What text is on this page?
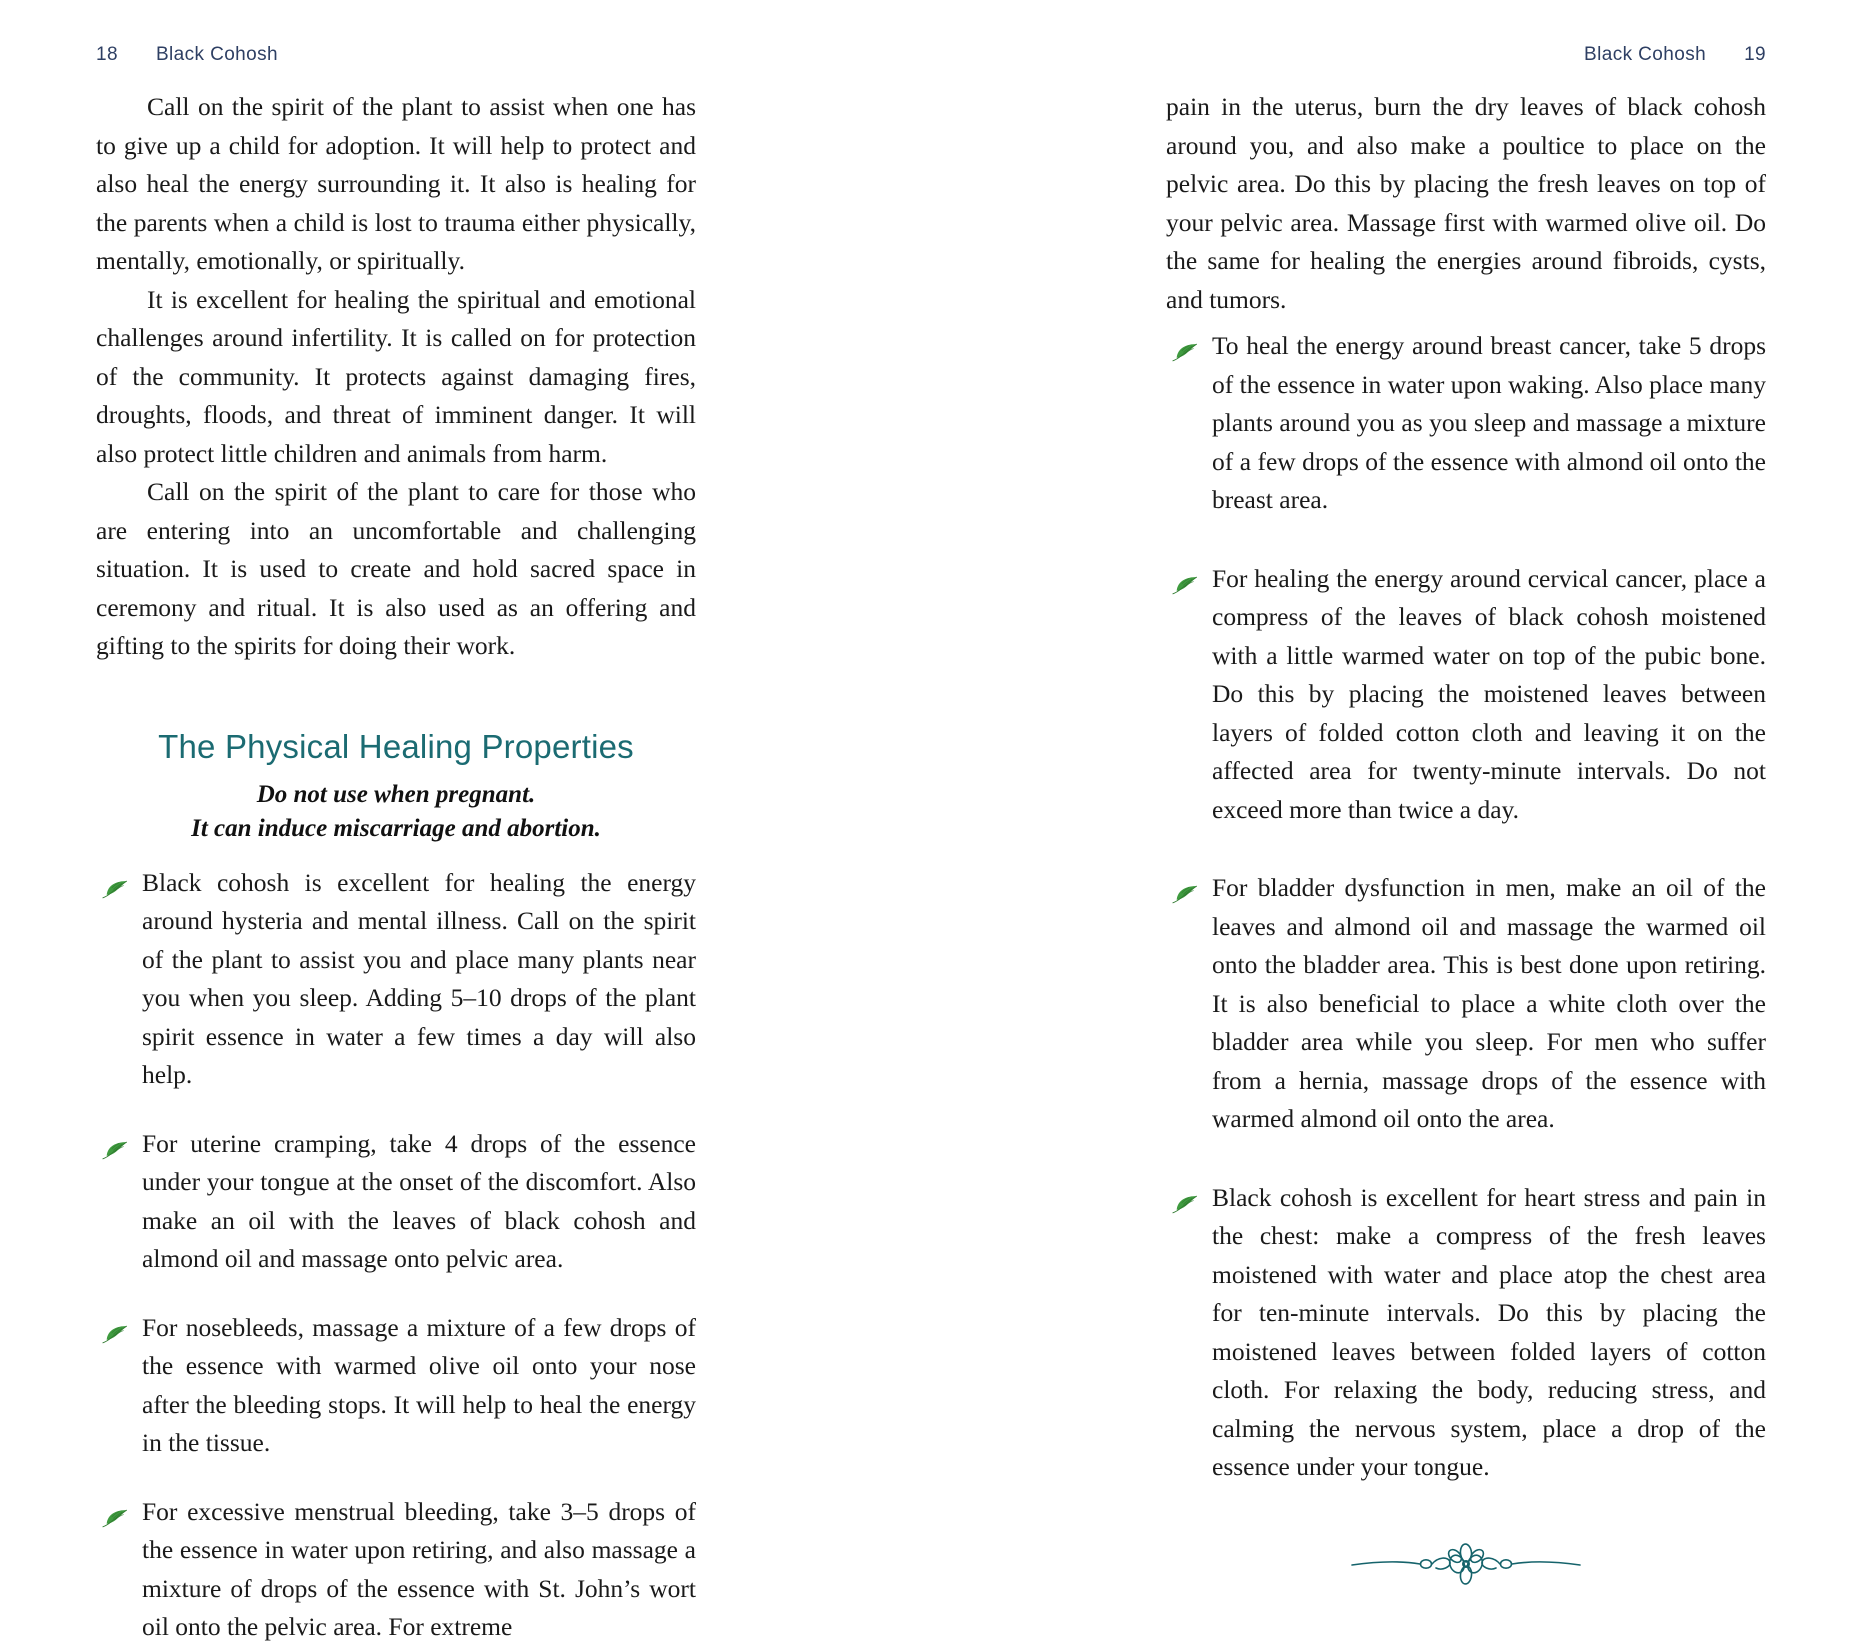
18 Black Cohosh	Black Cohosh 19

Call on the spirit of the plant to assist when one has to give up a child for adoption. It will help to protect and also heal the energy surrounding it. It also is healing for the parents when a child is lost to trauma either physically, mentally, emotionally, or spiritually.

It is excellent for healing the spiritual and emotional challenges around infertility. It is called on for protection of the community. It protects against damaging fires, droughts, floods, and threat of imminent danger. It will also protect little children and animals from harm.

Call on the spirit of the plant to care for those who are entering into an uncomfortable and challenging situation. It is used to create and hold sacred space in ceremony and ritual. It is also used as an offering and gifting to the spirits for doing their work.

The Physical Healing Properties

Do not use when pregnant.

It can induce miscarriage and abortion.

Black cohosh is excellent for healing the energy around hysteria and mental illness. Call on the spirit of the plant to assist you and place many plants near you when you sleep. Adding 5–10 drops of the plant spirit essence in water a few times a day will also help.
For uterine cramping, take 4 drops of the essence under your tongue at the onset of the discomfort. Also make an oil with the leaves of black cohosh and almond oil and massage onto pelvic area.
For nosebleeds, massage a mixture of a few drops of the essence with warmed olive oil onto your nose after the bleeding stops. It will help to heal the energy in the tissue.
For excessive menstrual bleeding, take 3–5 drops of the essence in water upon retiring, and also massage a mixture of drops of the essence with St. John’s wort oil onto the pelvic area. For extreme

pain in the uterus, burn the dry leaves of black cohosh around you, and also make a poultice to place on the pelvic area. Do this by placing the fresh leaves on top of your pelvic area. Massage first with warmed olive oil. Do the same for healing the energies around fibroids, cysts, and tumors.

To heal the energy around breast cancer, take 5 drops of the essence in water upon waking. Also place many plants around you as you sleep and massage a mixture of a few drops of the essence with almond oil onto the breast area.
For healing the energy around cervical cancer, place a compress of the leaves of black cohosh moistened with a little warmed water on top of the pubic bone. Do this by placing the moistened leaves between layers of folded cotton cloth and leaving it on the affected area for twenty-minute intervals. Do not exceed more than twice a day.
For bladder dysfunction in men, make an oil of the leaves and almond oil and massage the warmed oil onto the bladder area. This is best done upon retiring. It is also beneficial to place a white cloth over the bladder area while you sleep. For men who suffer from a hernia, massage drops of the essence with warmed almond oil onto the area.
Black cohosh is excellent for heart stress and pain in the chest: make a compress of the fresh leaves moistened with water and place atop the chest area for ten-minute intervals. Do this by placing the moistened leaves between folded layers of cotton cloth. For relaxing the body, reducing stress, and calming the nervous system, place a drop of the essence under your tongue.
